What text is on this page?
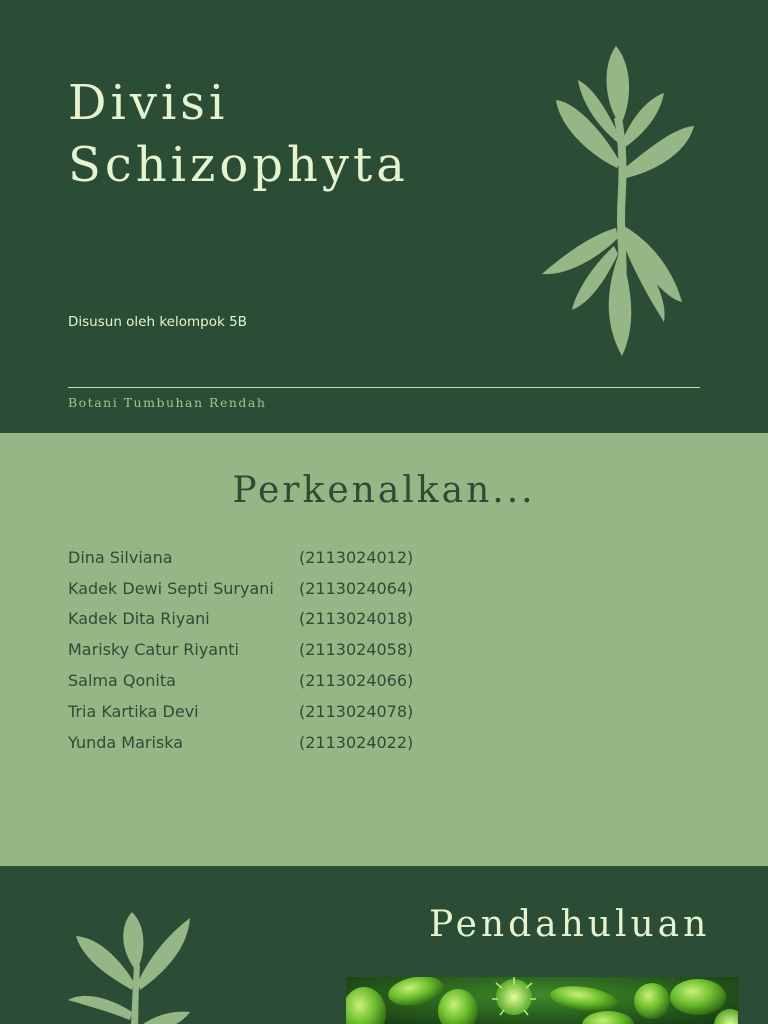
Divisi
Schizophyta
Disusun oleh kelompok 5B
Botani Tumbuhan Rendah
Perkenalkan...
Dina Silviana	(2113024012)
Kadek Dewi Septi Suryani	(2113024064)
Kadek Dita Riyani	(2113024018)
Marisky Catur Riyanti	(2113024058)
Salma Qonita	(2113024066)
Tria Kartika Devi	(2113024078)
Yunda Mariska	(2113024022)
Pendahuluan
